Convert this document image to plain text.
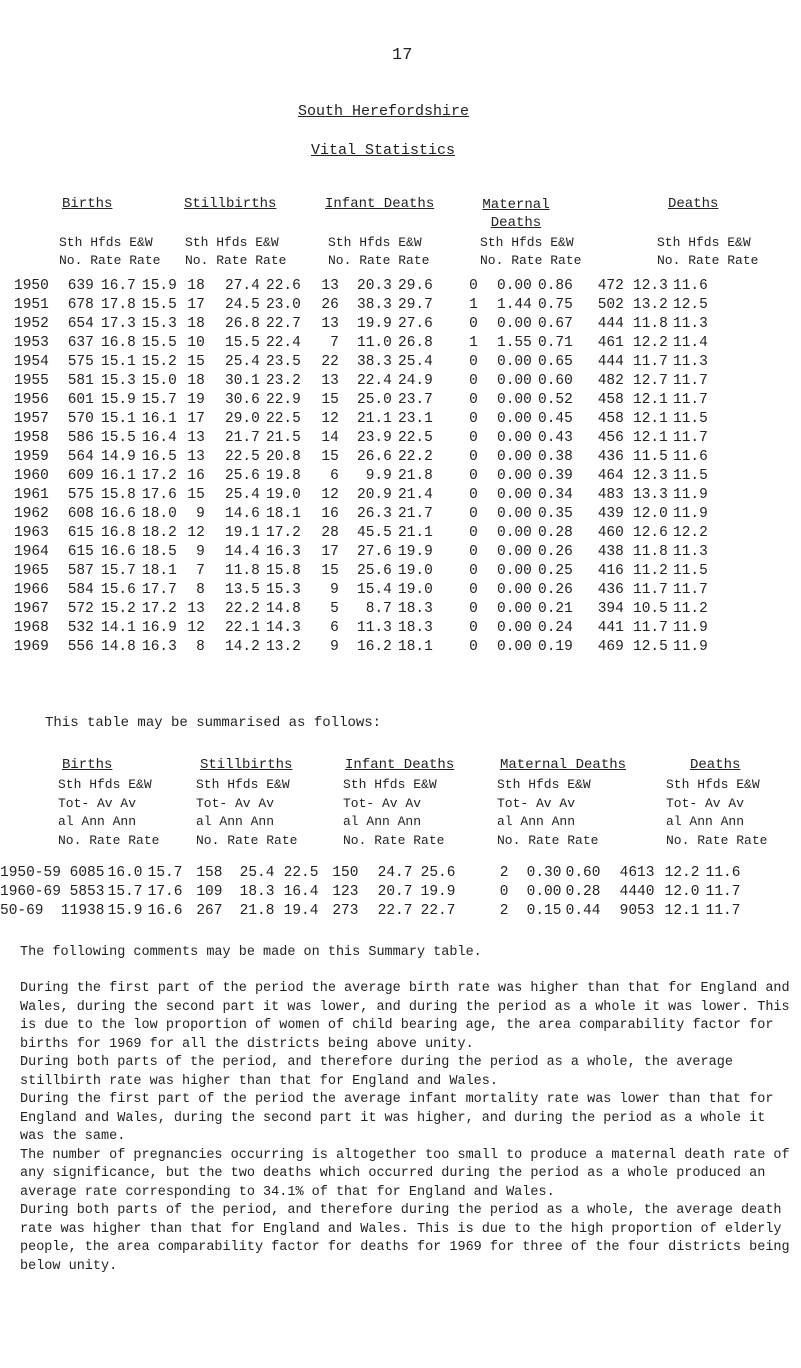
17
South Herefordshire
Vital Statistics
Births	Stillbirths	Infant Deaths	Maternal Deaths
Deaths
Sth Hfds E&W
No. Rate Rate
Sth Hfds E&W
No. Rate Rate
Sth Hfds E&W
No. Rate Rate
Sth Hfds E&W
No. Rate Rate
Sth Hfds E&W
No. Rate Rate
1950	639	16.7	15.9	18	27.4	22.6	13	20.3	29.6	0	0.00	0.86	472	12.3	11.6
1951	678	17.8	15.5	17	24.5	23.0	26	38.3	29.7	1	1.44	0.75	502	13.2	12.5
1952	654	17.3	15.3	18	26.8	22.7	13	19.9	27.6	0	0.00	0.67	444	11.8	11.3
1953	637	16.8	15.5	10	15.5	22.4	7	11.0	26.8	1	1.55	0.71	461	12.2	11.4
1954	575	15.1	15.2	15	25.4	23.5	22	38.3	25.4	0	0.00	0.65	444	11.7	11.3
1955	581	15.3	15.0	18	30.1	23.2	13	22.4	24.9	0	0.00	0.60	482	12.7	11.7
1956	601	15.9	15.7	19	30.6	22.9	15	25.0	23.7	0	0.00	0.52	458	12.1	11.7
1957	570	15.1	16.1	17	29.0	22.5	12	21.1	23.1	0	0.00	0.45	458	12.1	11.5
1958	586	15.5	16.4	13	21.7	21.5	14	23.9	22.5	0	0.00	0.43	456	12.1	11.7
1959	564	14.9	16.5	13	22.5	20.8	15	26.6	22.2	0	0.00	0.38	436	11.5	11.6
1960	609	16.1	17.2	16	25.6	19.8	6	9.9	21.8	0	0.00	0.39	464	12.3	11.5
1961	575	15.8	17.6	15	25.4	19.0	12	20.9	21.4	0	0.00	0.34	483	13.3	11.9
1962	608	16.6	18.0	9	14.6	18.1	16	26.3	21.7	0	0.00	0.35	439	12.0	11.9
1963	615	16.8	18.2	12	19.1	17.2	28	45.5	21.1	0	0.00	0.28	460	12.6	12.2
1964	615	16.6	18.5	9	14.4	16.3	17	27.6	19.9	0	0.00	0.26	438	11.8	11.3
1965	587	15.7	18.1	7	11.8	15.8	15	25.6	19.0	0	0.00	0.25	416	11.2	11.5
1966	584	15.6	17.7	8	13.5	15.3	9	15.4	19.0	0	0.00	0.26	436	11.7	11.7
1967	572	15.2	17.2	13	22.2	14.8	5	8.7	18.3	0	0.00	0.21	394	10.5	11.2
1968	532	14.1	16.9	12	22.1	14.3	6	11.3	18.3	0	0.00	0.24	441	11.7	11.9
1969	556	14.8	16.3	8	14.2	13.2	9	16.2	18.1	0	0.00	0.19	469	12.5	11.9
This table may be summarised as follows:
Births	Stillbirths	Infant Deaths	Maternal Deaths	Deaths
Sth Hfds E&W
Tot- Av Av
al Ann Ann
No. Rate Rate
Sth Hfds E&W
Tot- Av Av
al Ann Ann
No. Rate Rate
Sth Hfds E&W
Tot- Av Av
al Ann Ann
No. Rate Rate
Sth Hfds E&W
Tot- Av Av
al Ann Ann
No. Rate Rate
Sth Hfds E&W
Tot- Av Av
al Ann Ann
No. Rate Rate
1950-59	6085	16.0	15.7	158	25.4	22.5	150	24.7	25.6	2	0.30	0.60	4613	12.2	11.6
1960-69	5853	15.7	17.6	109	18.3	16.4	123	20.7	19.9	0	0.00	0.28	4440	12.0	11.7
50-69	11938	15.9	16.6	267	21.8	19.4	273	22.7	22.7	2	0.15	0.44	9053	12.1	11.7
The following comments may be made on this Summary table.

During the first part of the period the average birth rate was higher than that for England and Wales, during the second part it was lower, and during the period as a whole it was lower. This is due to the low proportion of women of child bearing age, the area comparability factor for births for 1969 for all the districts being above unity.

During both parts of the period, and therefore during the period as a whole, the average stillbirth rate was higher than that for England and Wales.

During the first part of the period the average infant mortality rate was lower than that for England and Wales, during the second part it was higher, and during the period as a whole it was the same.

The number of pregnancies occurring is altogether too small to produce a maternal death rate of any significance, but the two deaths which occurred during the period as a whole produced an average rate corresponding to 34.1% of that for England and Wales.

During both parts of the period, and therefore during the period as a whole, the average death rate was higher than that for England and Wales. This is due to the high proportion of elderly people, the area comparability factor for deaths for 1969 for three of the four districts being below unity.
